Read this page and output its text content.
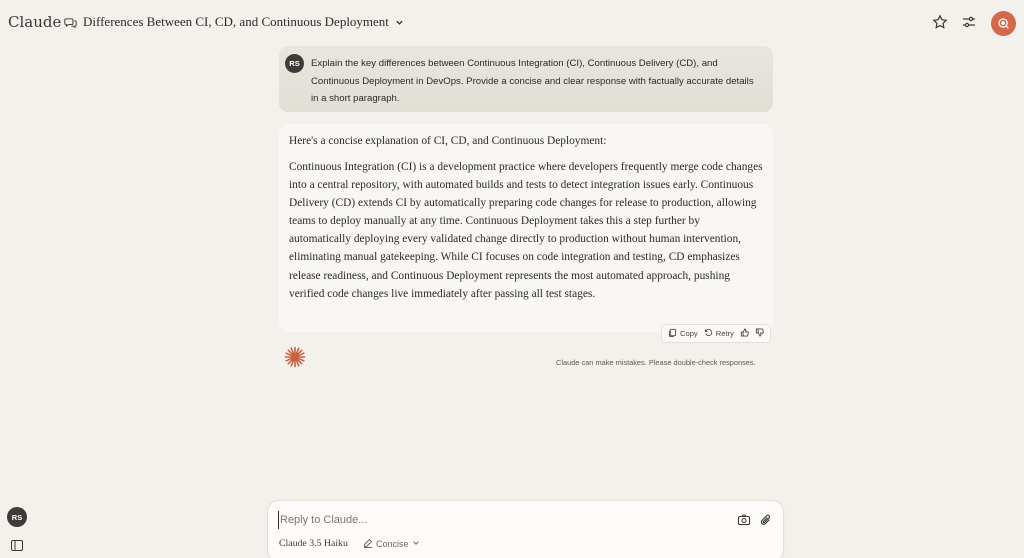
Claude Differences Between CI, CD, and Continuous Deployment
RS	Explain the key differences between Continuous Integration (CI), Continuous Delivery (CD), and Continuous Deployment in DevOps. Provide a concise and clear response with factually accurate details in a short paragraph.
Here's a concise explanation of CI, CD, and Continuous Deployment:
Continuous Integration (CI) is a development practice where developers frequently merge code changes into a central repository, with automated builds and tests to detect integration issues early. Continuous Delivery (CD) extends CI by automatically preparing code changes for release to production, allowing teams to deploy manually at any time. Continuous Deployment takes this a step further by automatically deploying every validated change directly to production without human intervention, eliminating manual gatekeeping. While CI focuses on code integration and testing, CD emphasizes release readiness, and Continuous Deployment represents the most automated approach, pushing verified code changes live immediately after passing all test stages.
Copy Retry
Claude can make mistakes. Please double-check responses.
RS
Reply to Claude...
Claude 3.5 Haiku	Concise
